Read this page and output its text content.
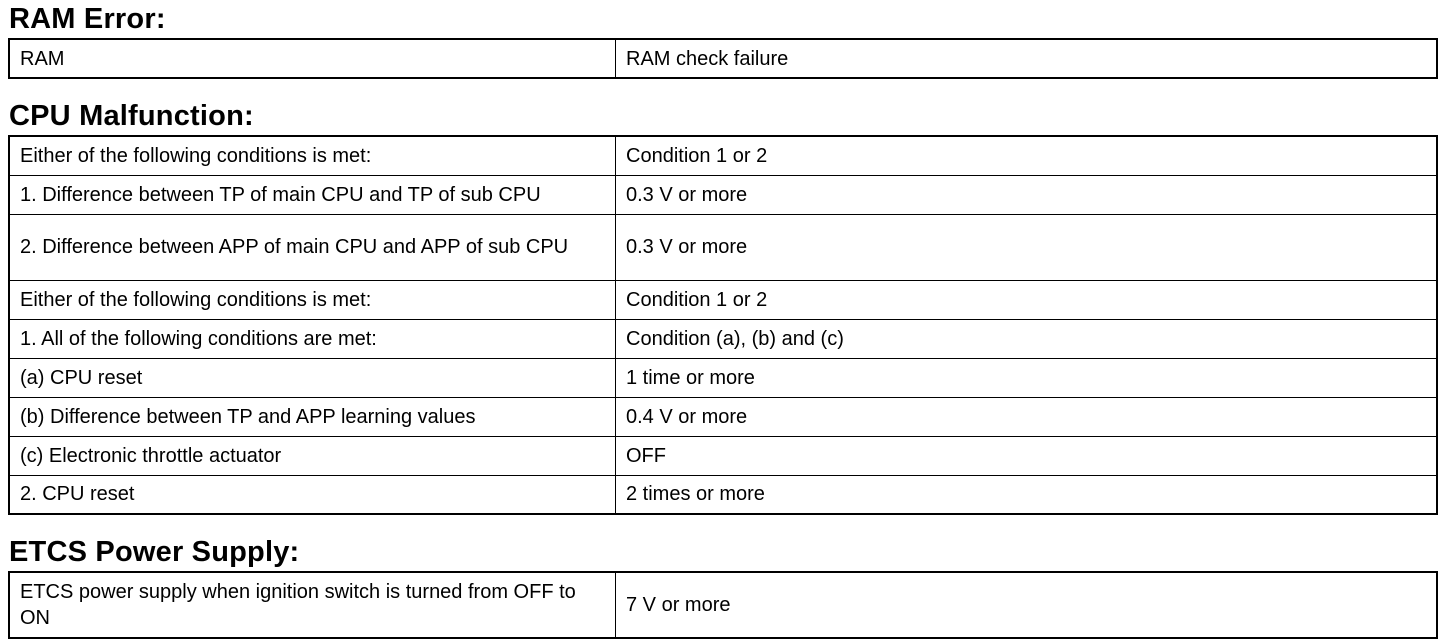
RAM Error:
RAM	RAM check failure
CPU Malfunction:
Either of the following conditions is met:	Condition 1 or 2
1. Difference between TP of main CPU and TP of sub CPU	0.3 V or more
2. Difference between APP of main CPU and APP of sub CPU	0.3 V or more
Either of the following conditions is met:	Condition 1 or 2
1. All of the following conditions are met:	Condition (a), (b) and (c)
(a) CPU reset	1 time or more
(b) Difference between TP and APP learning values	0.4 V or more
(c) Electronic throttle actuator	OFF
2. CPU reset	2 times or more
ETCS Power Supply:
ETCS power supply when ignition switch is turned from OFF to ON	7 V or more
